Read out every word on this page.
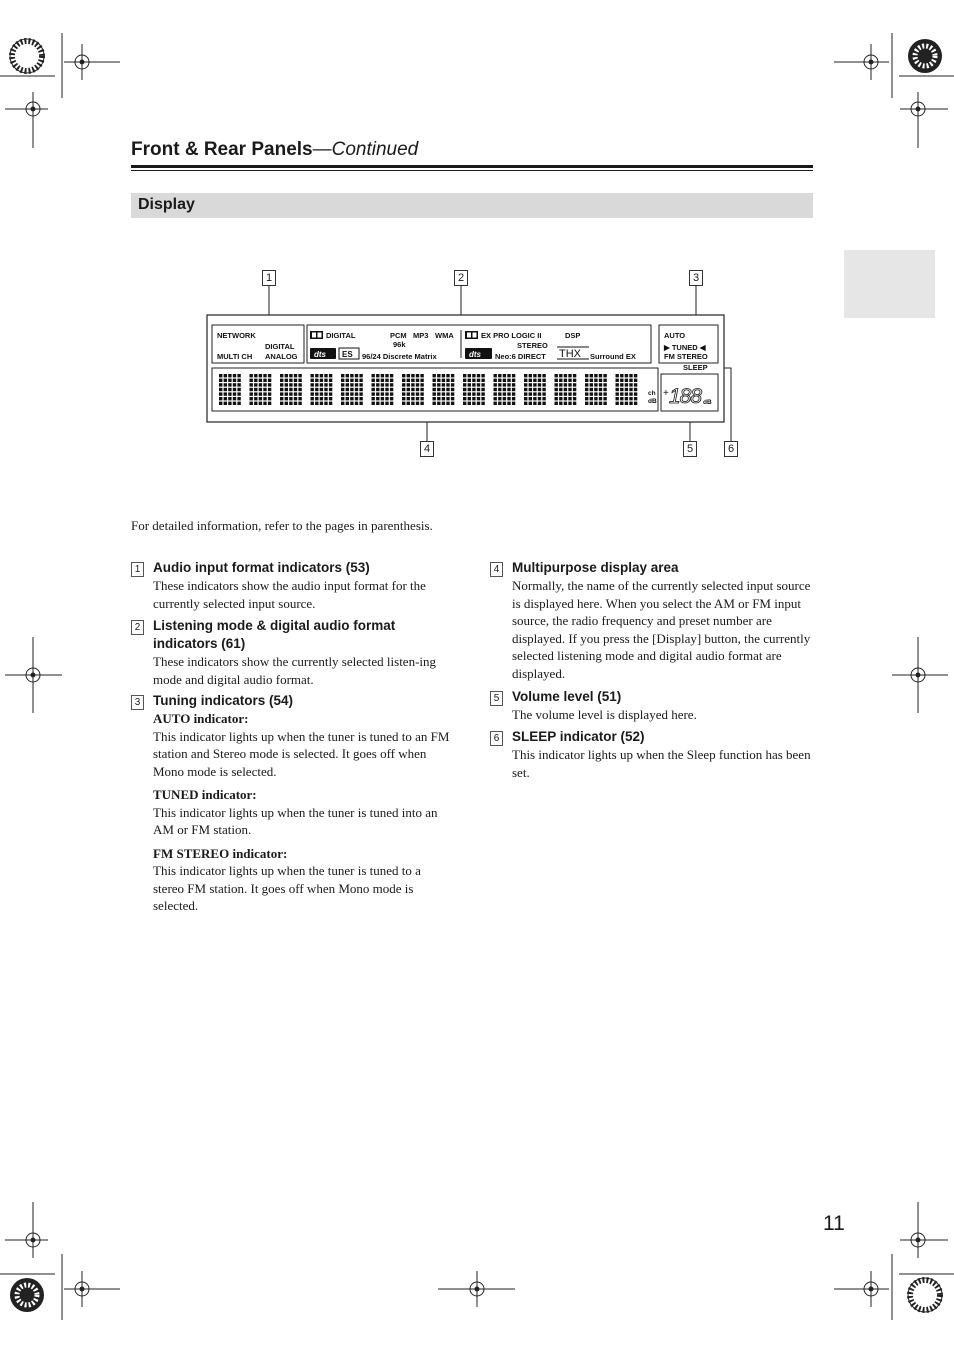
Front & Rear Panels—Continued
Display
1	2	3
4	5	6
NETWORK
DIGITAL
MULTI CH ANALOG
DIGITAL	PCM MP3 WMA
96k
dts ES 96/24 Discrete Matrix
EX PRO LOGIC II	DSP
STEREO
dts Neo:6 DIRECT THX Surround EX
AUTO
▶ TUNED ◀
FM STEREO
SLEEP
ch
dB
+ 188 dB
For detailed information, refer to the pages in parenthesis.
1 Audio input format indicators (53)
These indicators show the audio input format for the currently selected input source.
2 Listening mode & digital audio format indicators (61)
These indicators show the currently selected listen-ing mode and digital audio format.
3 Tuning indicators (54)
AUTO indicator:
This indicator lights up when the tuner is tuned to an FM station and Stereo mode is selected. It goes off when Mono mode is selected.
TUNED indicator:
This indicator lights up when the tuner is tuned into an AM or FM station.
FM STEREO indicator:
This indicator lights up when the tuner is tuned to a stereo FM station. It goes off when Mono mode is selected.
4 Multipurpose display area
Normally, the name of the currently selected input source is displayed here. When you select the AM or FM input source, the radio frequency and preset number are displayed. If you press the [Display] button, the currently selected listening mode and digital audio format are displayed.
5 Volume level (51)
The volume level is displayed here.
6 SLEEP indicator (52)
This indicator lights up when the Sleep function has been set.
11
